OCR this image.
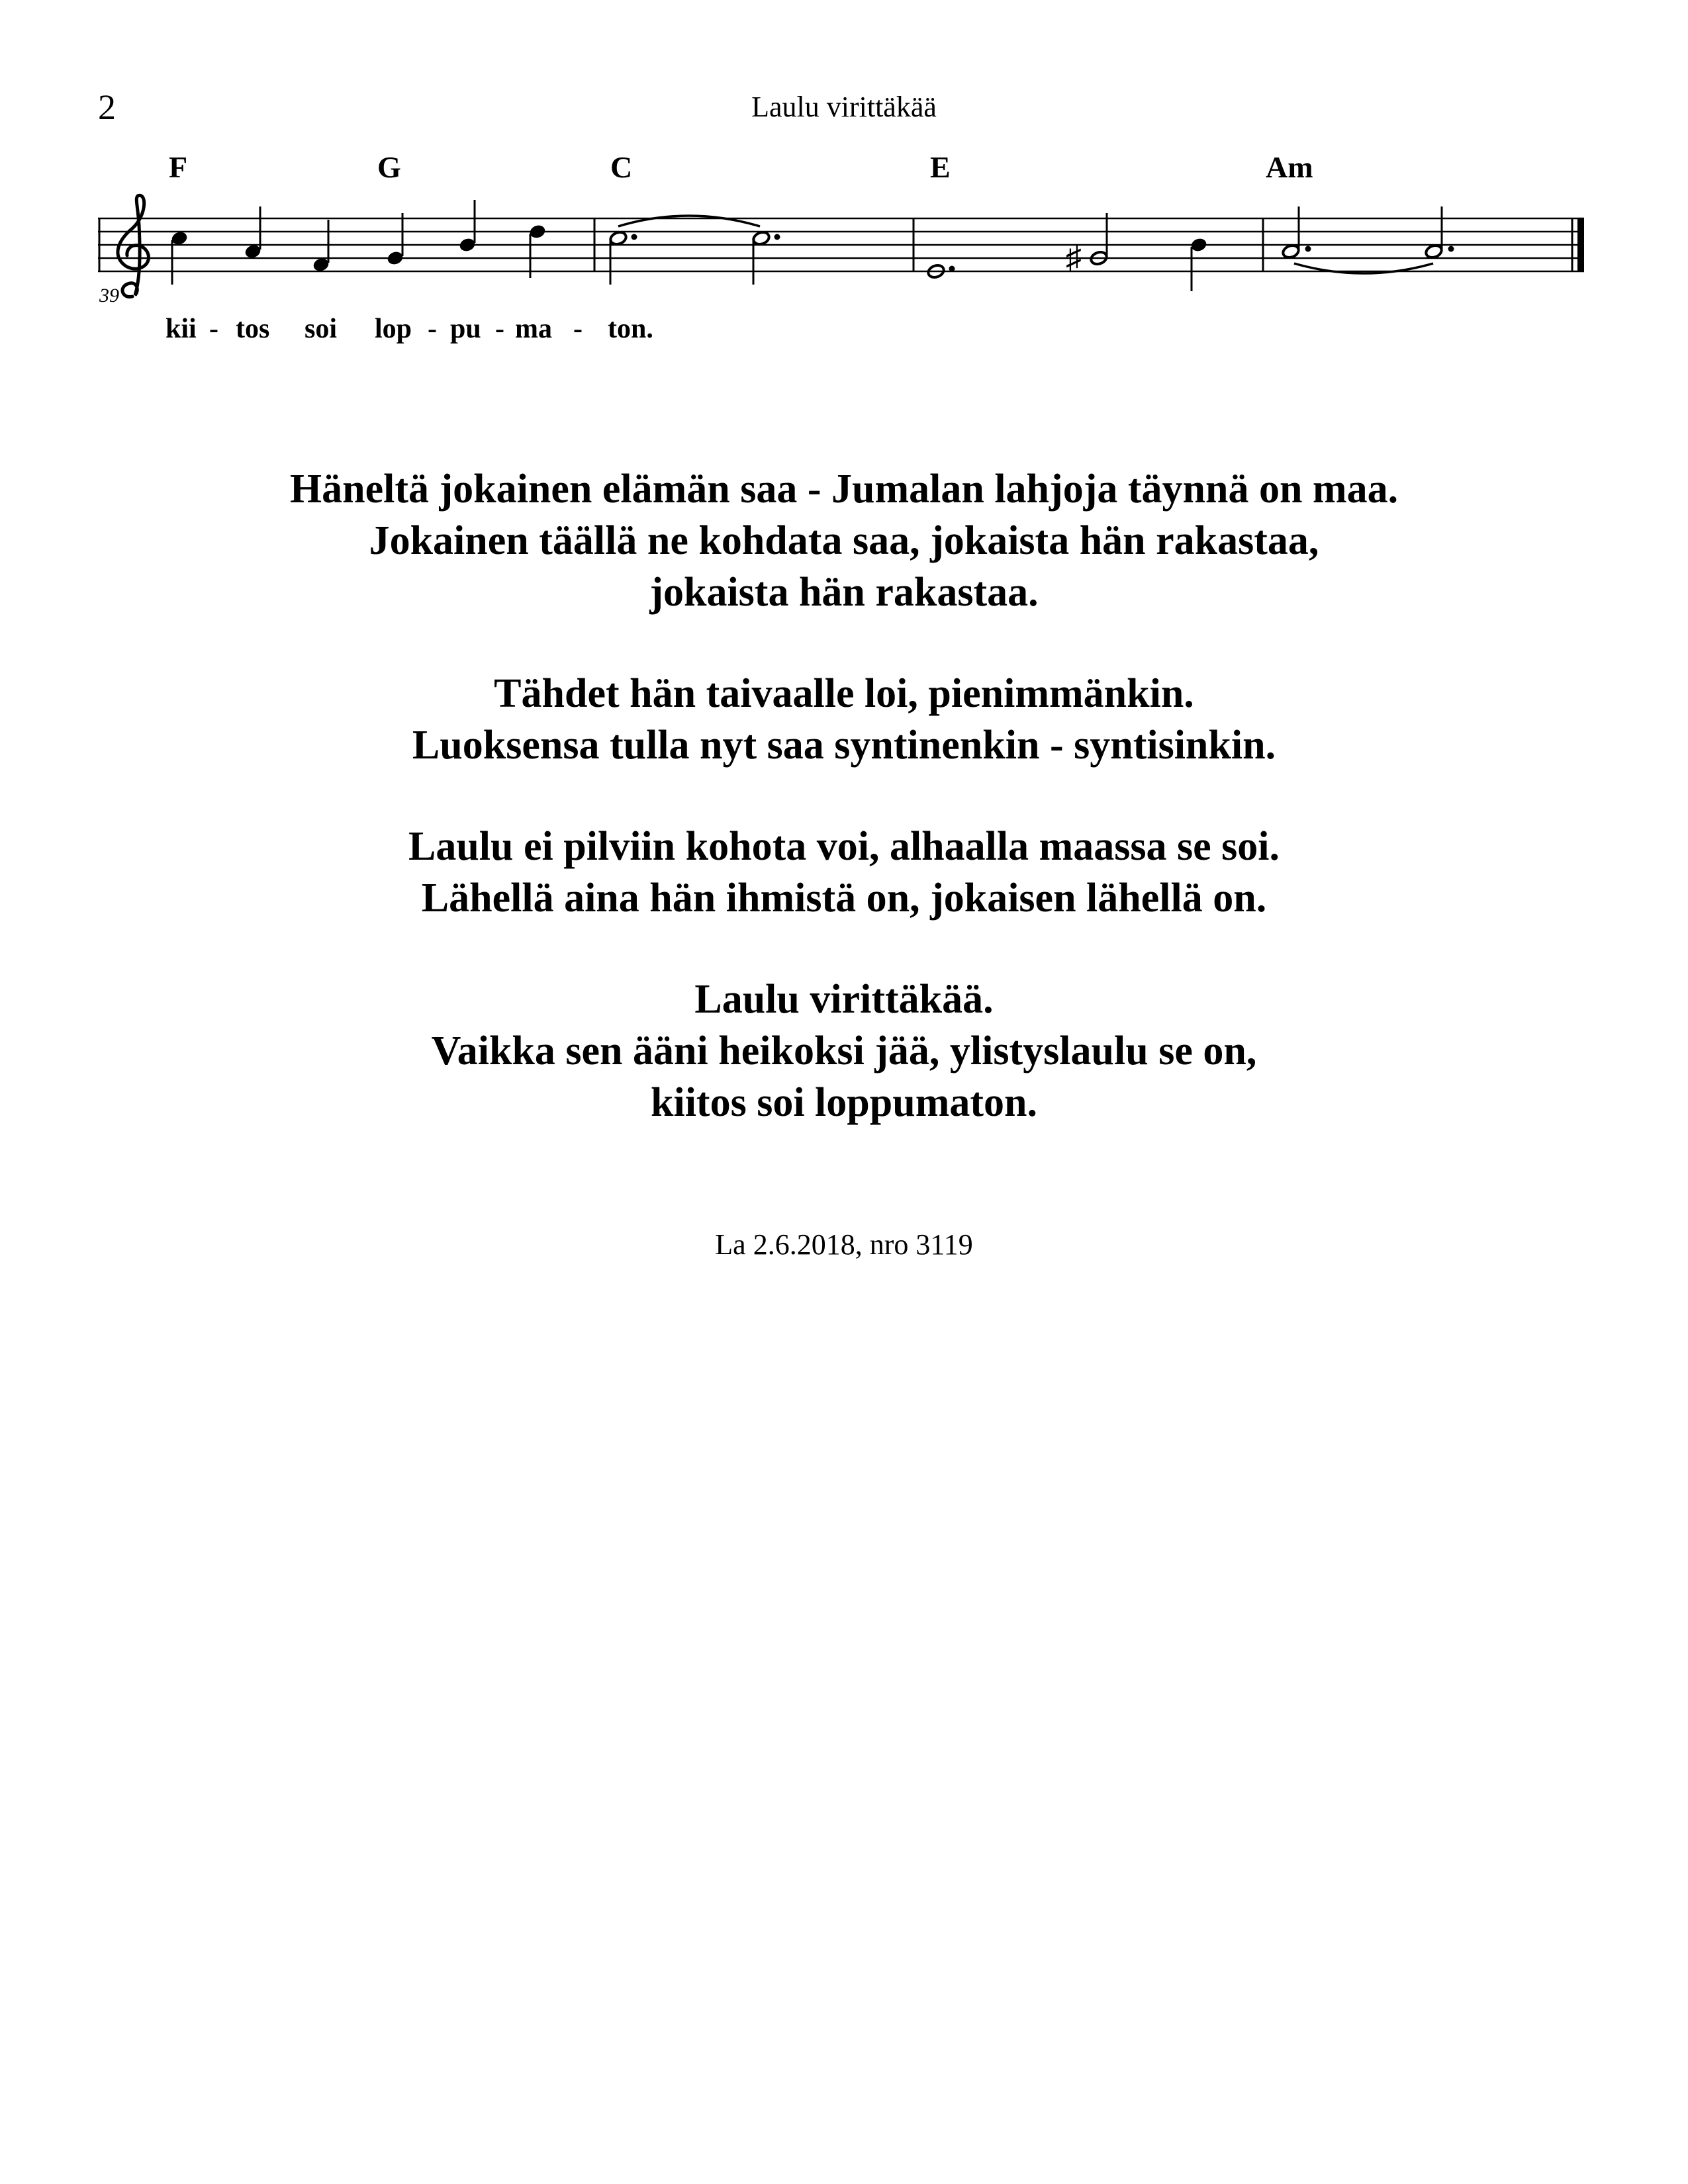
2	Laulu virittäkää
F	G	C	E	Am
39
♯
kii - tos soi lop - pu - ma - ton.
Häneltä jokainen elämän saa - Jumalan lahjoja täynnä on maa.
Jokainen täällä ne kohdata saa, jokaista hän rakastaa,
jokaista hän rakastaa.
Tähdet hän taivaalle loi, pienimmänkin.
Luoksensa tulla nyt saa syntinenkin - syntisinkin.
Laulu ei pilviin kohota voi, alhaalla maassa se soi.
Lähellä aina hän ihmistä on, jokaisen lähellä on.
Laulu virittäkää.
Vaikka sen ääni heikoksi jää, ylistyslaulu se on,
kiitos soi loppumaton.
La 2.6.2018, nro 3119
